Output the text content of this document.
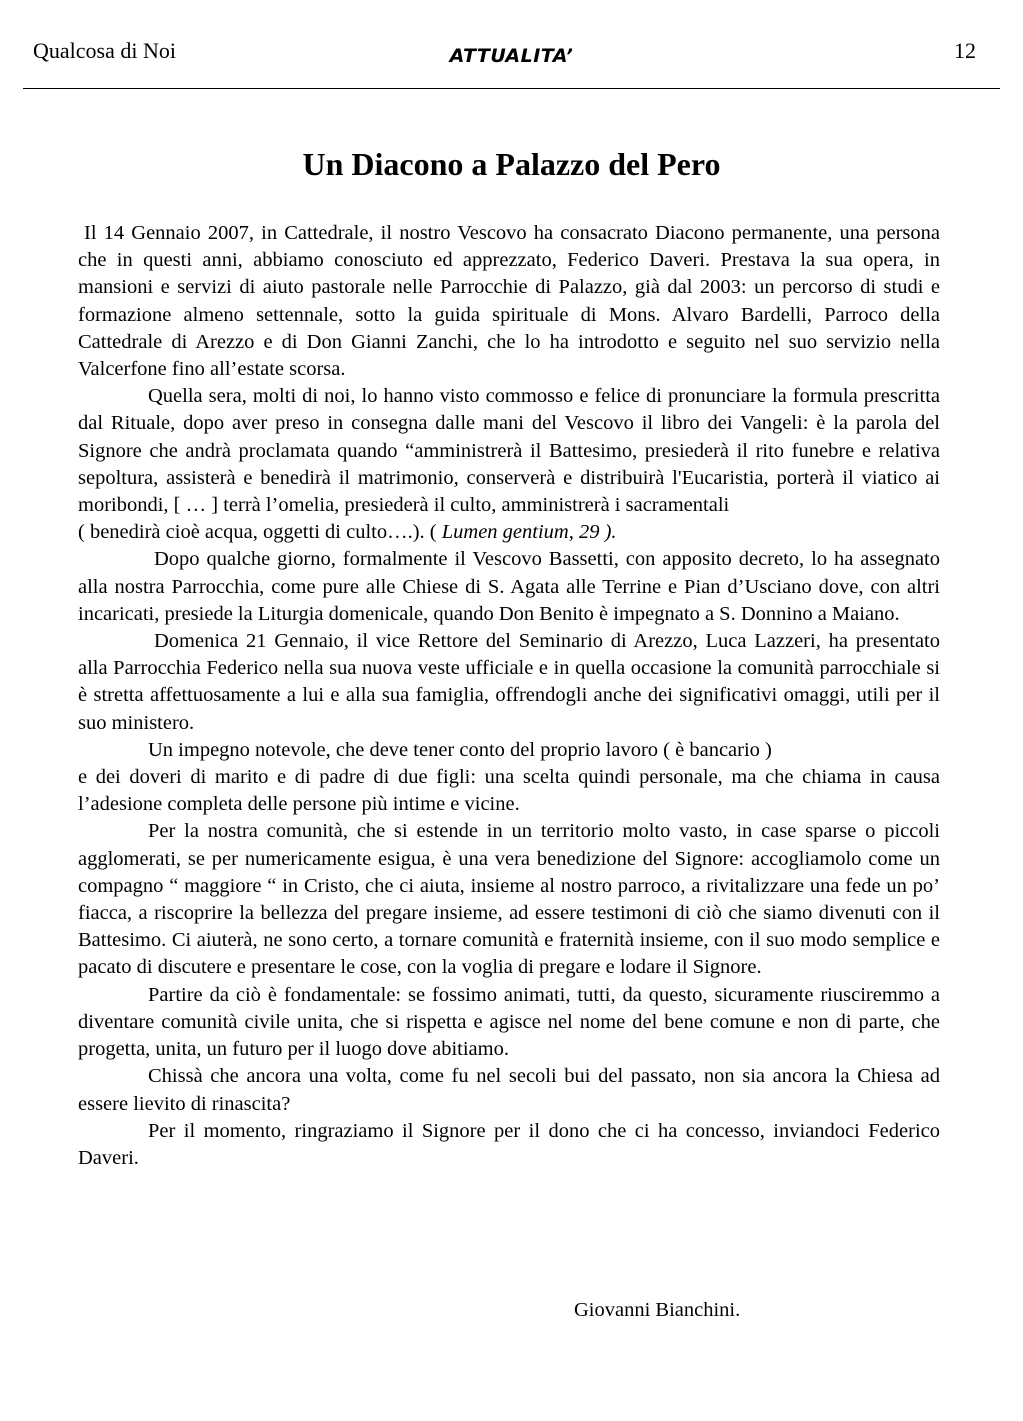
Qualcosa di Noi	ATTUALITA’	12
Un Diacono a Palazzo del Pero

Il 14 Gennaio 2007, in Cattedrale, il nostro Vescovo ha consacrato Diacono permanente, una persona che in questi anni, abbiamo conosciuto ed apprezzato, Federico Daveri. Prestava la sua opera, in mansioni e servizi di aiuto pastorale nelle Parrocchie di Palazzo, già dal 2003: un percorso di studi e formazione almeno settennale, sotto la guida spirituale di Mons. Alvaro Bardelli, Parroco della Cattedrale di Arezzo e di Don Gianni Zanchi, che lo ha introdotto e seguito nel suo servizio nella Valcerfone fino all’estate scorsa.

Quella sera, molti di noi, lo hanno visto commosso e felice di pronunciare la formula prescritta dal Rituale, dopo aver preso in consegna dalle mani del Vescovo il libro dei Vangeli: è la parola del Signore che andrà proclamata quando “amministrerà il Battesimo, presiederà il rito funebre e relativa sepoltura, assisterà e benedirà il matrimonio, conserverà e distribuirà l'Eucaristia, porterà il viatico ai moribondi, [ … ] terrà l’omelia, presiederà il culto, amministrerà i sacramentali

( benedirà cioè acqua, oggetti di culto….). ( Lumen gentium, 29 ).

Dopo qualche giorno, formalmente il Vescovo Bassetti, con apposito decreto, lo ha assegnato alla nostra Parrocchia, come pure alle Chiese di S. Agata alle Terrine e Pian d’Usciano dove, con altri incaricati, presiede la Liturgia domenicale, quando Don Benito è impegnato a S. Donnino a Maiano.

Domenica 21 Gennaio, il vice Rettore del Seminario di Arezzo, Luca Lazzeri, ha presentato alla Parrocchia Federico nella sua nuova veste ufficiale e in quella occasione la comunità parrocchiale si è stretta affettuosamente a lui e alla sua famiglia, offrendogli anche dei significativi omaggi, utili per il suo ministero.

Un impegno notevole, che deve tener conto del proprio lavoro ( è bancario )

e dei doveri di marito e di padre di due figli: una scelta quindi personale, ma che chiama in causa l’adesione completa delle persone più intime e vicine.

Per la nostra comunità, che si estende in un territorio molto vasto, in case sparse o piccoli agglomerati, se per numericamente esigua, è una vera benedizione del Signore: accogliamolo come un compagno “ maggiore “ in Cristo, che ci aiuta, insieme al nostro parroco, a rivitalizzare una fede un po’ fiacca, a riscoprire la bellezza del pregare insieme, ad essere testimoni di ciò che siamo divenuti con il Battesimo. Ci aiuterà, ne sono certo, a tornare comunità e fraternità insieme, con il suo modo semplice e pacato di discutere e presentare le cose, con la voglia di pregare e lodare il Signore.

Partire da ciò è fondamentale: se fossimo animati, tutti, da questo, sicuramente riusciremmo a diventare comunità civile unita, che si rispetta e agisce nel nome del bene comune e non di parte, che progetta, unita, un futuro per il luogo dove abitiamo.

Chissà che ancora una volta, come fu nel secoli bui del passato, non sia ancora la Chiesa ad essere lievito di rinascita?

Per il momento, ringraziamo il Signore per il dono che ci ha concesso, inviandoci Federico Daveri.

Giovanni Bianchini.
